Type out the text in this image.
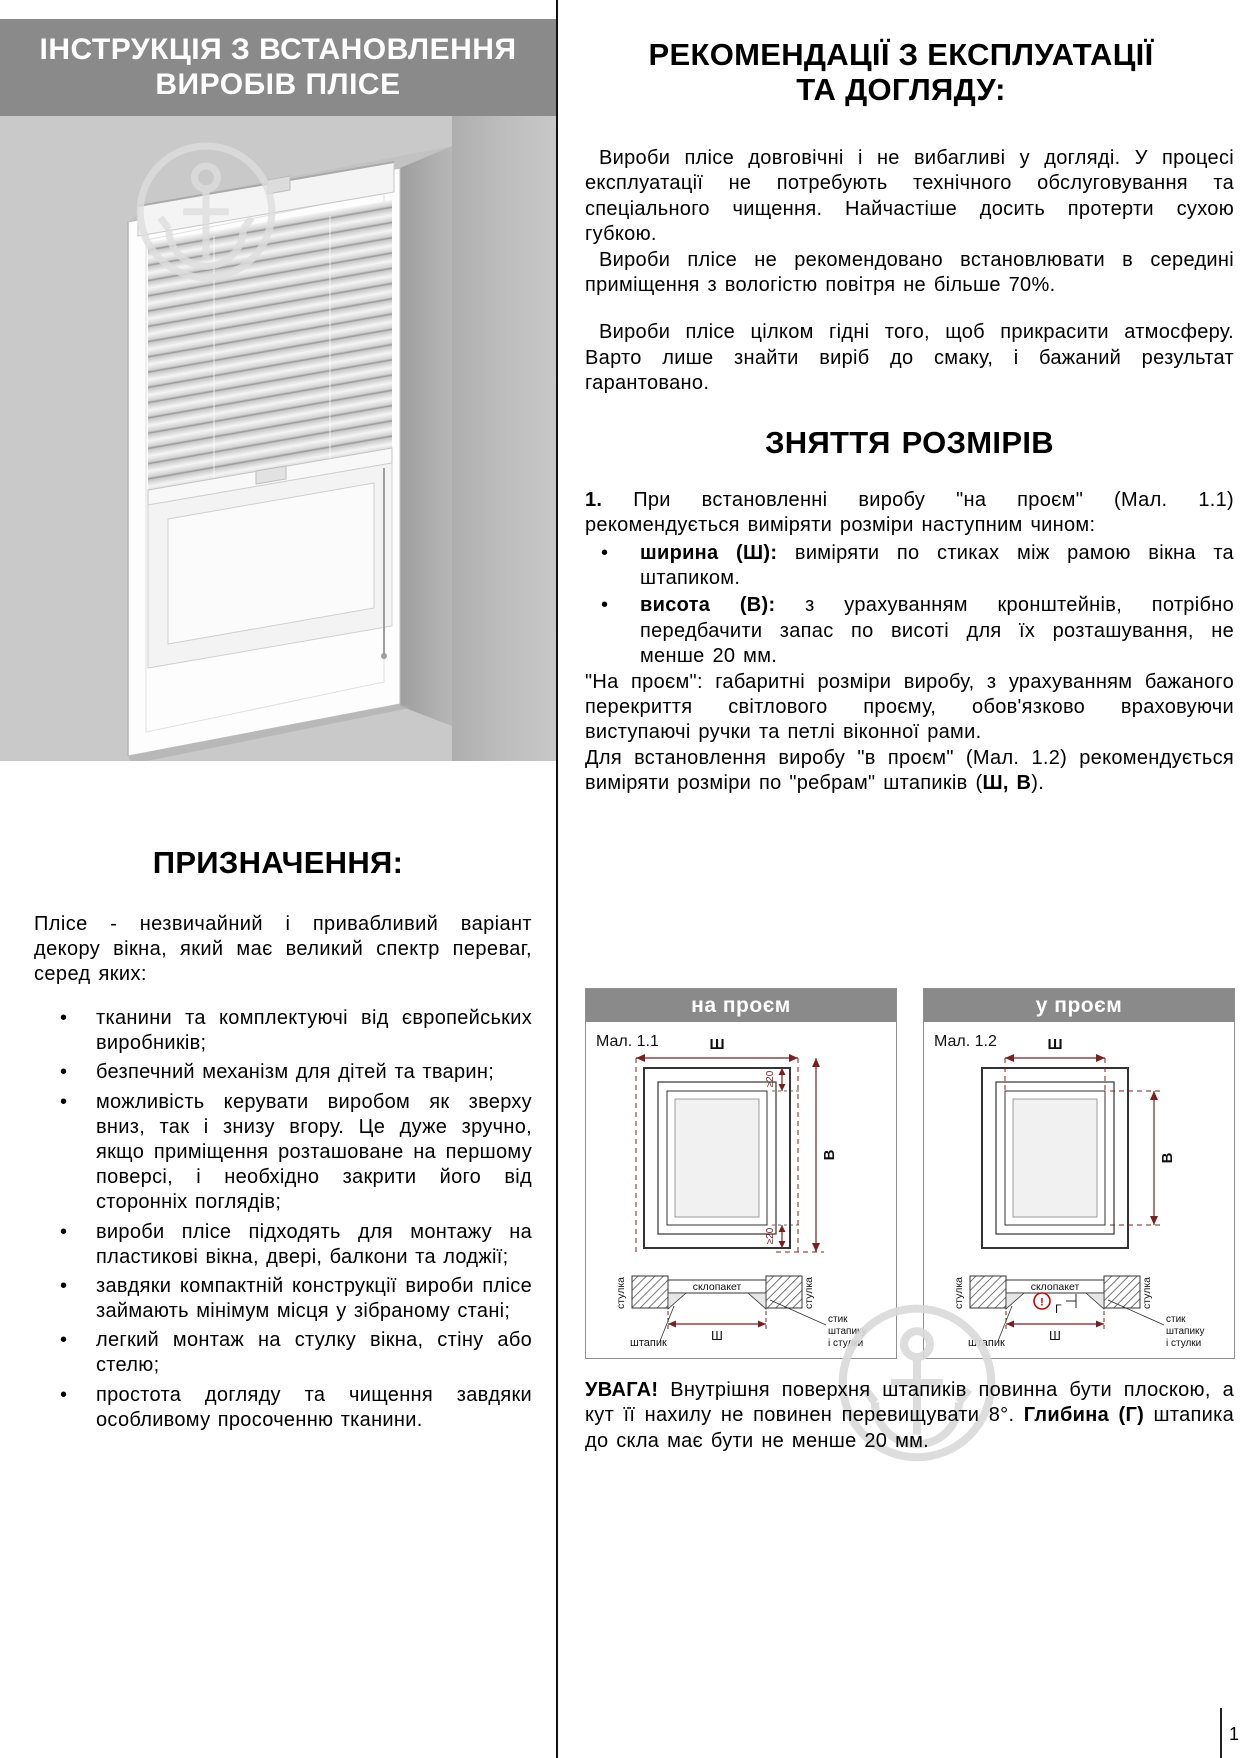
ІНСТРУКЦІЯ З ВСТАНОВЛЕННЯ
ВИРОБІВ ПЛІСЕ
ПРИЗНАЧЕННЯ:
Плісе - незвичайний і привабливий варіант декору вікна, який має великий спектр переваг, серед яких:
• тканини та комплектуючі від європейських виробників;
• безпечний механізм для дітей та тварин;
• можливість керувати виробом як зверху вниз, так і знизу вгору. Це дуже зручно, якщо приміщення розташоване на першому поверсі, і необхідно закрити його від сторонніх поглядів;
• вироби плісе підходять для монтажу на пластикові вікна, двері, балкони та лоджії;
• завдяки компактній конструкції вироби плісе займають мінімум місця у зібраному стані;
• легкий монтаж на стулку вікна, стіну або стелю;
• простота догляду та чищення завдяки особливому просоченню тканини.
РЕКОМЕНДАЦІЇ З ЕКСПЛУАТАЦІЇ
ТА ДОГЛЯДУ:

Вироби плісе довговічні і не вибагливі у догляді. У процесі експлуатації не потребують технічного обслуговування та спеціального чищення. Найчастіше досить протерти сухою губкою.

Вироби плісе не рекомендовано встановлювати в середині приміщення з вологістю повітря не більше 70%.

Вироби плісе цілком гідні того, щоб прикрасити атмосферу. Варто лише знайти виріб до смаку, і бажаний результат гарантовано.

ЗНЯТТЯ РОЗМІРІВ

1. При встановленні виробу "на проєм" (Мал. 1.1) рекомендується виміряти розміри наступним чином:

• ширина (Ш): виміряти по стиках між рамою вікна та штапиком.
• висота (В): з урахуванням кронштейнів, потрібно передбачити запас по висоті для їх розташування, не менше 20 мм.

"На проєм": габаритні розміри виробу, з урахуванням бажаного перекриття світлового проєму, обов'язково враховуючи виступаючі ручки та петлі віконної рами.

Для встановлення виробу "в проєм" (Мал. 1.2) рекомендується виміряти розміри по "ребрам" штапиків (Ш, В).

на проєм
Мал. 1.1	Ш
В
≥20
≥20
склопакет
стулка	стулка
Ш
штапик
стик
штапику
і стулки
у проєм
Мал. 1.2	Ш
В
! Г
склопакет
стулка	стулка
Ш
штапик
стик
штапику
і стулки
УВАГА! Внутрішня поверхня штапиків повинна бути плоскою, а кут її нахилу не повинен перевищувати 8°. Глибина (Г) штапика до скла має бути не менше 20 мм.
1
